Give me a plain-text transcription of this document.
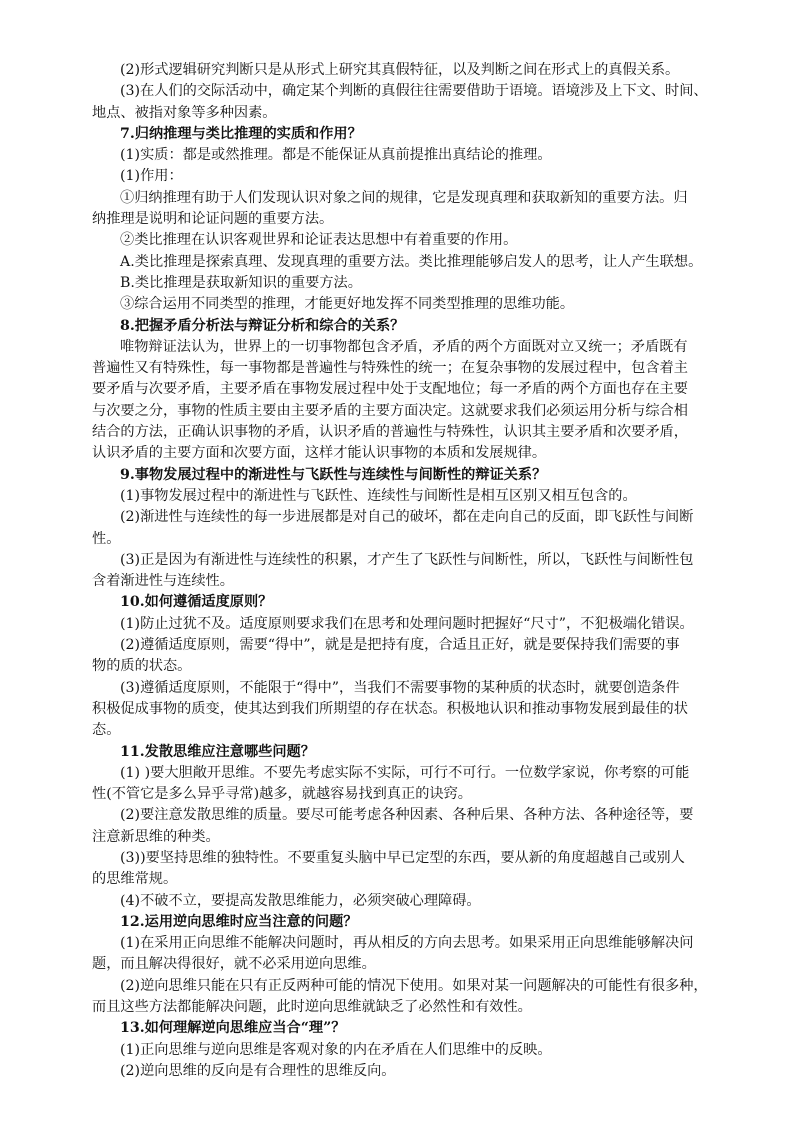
(2)形式逻辑研究判断只是从形式上研究其真假特征，以及判断之间在形式上的真假关系。
(3)在人们的交际活动中，确定某个判断的真假往往需要借助于语境。语境涉及上下文、时间、
地点、被指对象等多种因素。
7.归纳推理与类比推理的实质和作用？
(1)实质：都是或然推理。都是不能保证从真前提推出真结论的推理。
(1)作用：
①归纳推理有助于人们发现认识对象之间的规律，它是发现真理和获取新知的重要方法。归
纳推理是说明和论证问题的重要方法。
②类比推理在认识客观世界和论证表达思想中有着重要的作用。
A.类比推理是探索真理、发现真理的重要方法。类比推理能够启发人的思考，让人产生联想。
B.类比推理是获取新知识的重要方法。
③综合运用不同类型的推理，才能更好地发挥不同类型推理的思维功能。
8.把握矛盾分析法与辩证分析和综合的关系？
唯物辩证法认为，世界上的一切事物都包含矛盾，矛盾的两个方面既对立又统一；矛盾既有
普遍性又有特殊性，每一事物都是普遍性与特殊性的统一；在复杂事物的发展过程中，包含着主
要矛盾与次要矛盾，主要矛盾在事物发展过程中处于支配地位；每一矛盾的两个方面也存在主要
与次要之分，事物的性质主要由主要矛盾的主要方面决定。这就要求我们必须运用分析与综合相
结合的方法，正确认识事物的矛盾，认识矛盾的普遍性与特殊性，认识其主要矛盾和次要矛盾，
认识矛盾的主要方面和次要方面，这样才能认识事物的本质和发展规律。
9.事物发展过程中的渐进性与飞跃性与连续性与间断性的辩证关系？
(1)事物发展过程中的渐进性与飞跃性、连续性与间断性是相互区别又相互包含的。
(2)渐进性与连续性的每一步进展都是对自己的破坏，都在走向自己的反面，即飞跃性与间断
性。
(3)正是因为有渐进性与连续性的积累，才产生了飞跃性与间断性，所以，飞跃性与间断性包
含着渐进性与连续性。
10.如何遵循适度原则？
(1)防止过犹不及。适度原则要求我们在思考和处理问题时把握好“尺寸”，不犯极端化错误。
(2)遵循适度原则，需要“得中”，就是是把持有度，合适且正好，就是要保持我们需要的事
物的质的状态。
(3)遵循适度原则，不能限于“得中”，当我们不需要事物的某种质的状态时，就要创造条件
积极促成事物的质变，使其达到我们所期望的存在状态。积极地认识和推动事物发展到最佳的状
态。
11.发散思维应注意哪些问题？
(1) )要大胆敞开思维。不要先考虑实际不实际，可行不可行。一位数学家说，你考察的可能
性(不管它是多么异乎寻常)越多，就越容易找到真正的诀窍。
(2)要注意发散思维的质量。要尽可能考虑各种因素、各种后果、各种方法、各种途径等，要
注意新思维的种类。
(3))要坚持思维的独特性。不要重复头脑中早已定型的东西，要从新的角度超越自己或别人
的思维常规。
(4)不破不立，要提高发散思维能力，必须突破心理障碍。
12.运用逆向思维时应当注意的问题？
(1)在采用正向思维不能解决问题时，再从相反的方向去思考。如果采用正向思维能够解决问
题，而且解决得很好，就不必采用逆向思维。
(2)逆向思维只能在只有正反两种可能的情况下使用。如果对某一问题解决的可能性有很多种，
而且这些方法都能解决问题，此时逆向思维就缺乏了必然性和有效性。
13.如何理解逆向思维应当合“理”？
(1)正向思维与逆向思维是客观对象的内在矛盾在人们思维中的反映。
(2)逆向思维的反向是有合理性的思维反向。
